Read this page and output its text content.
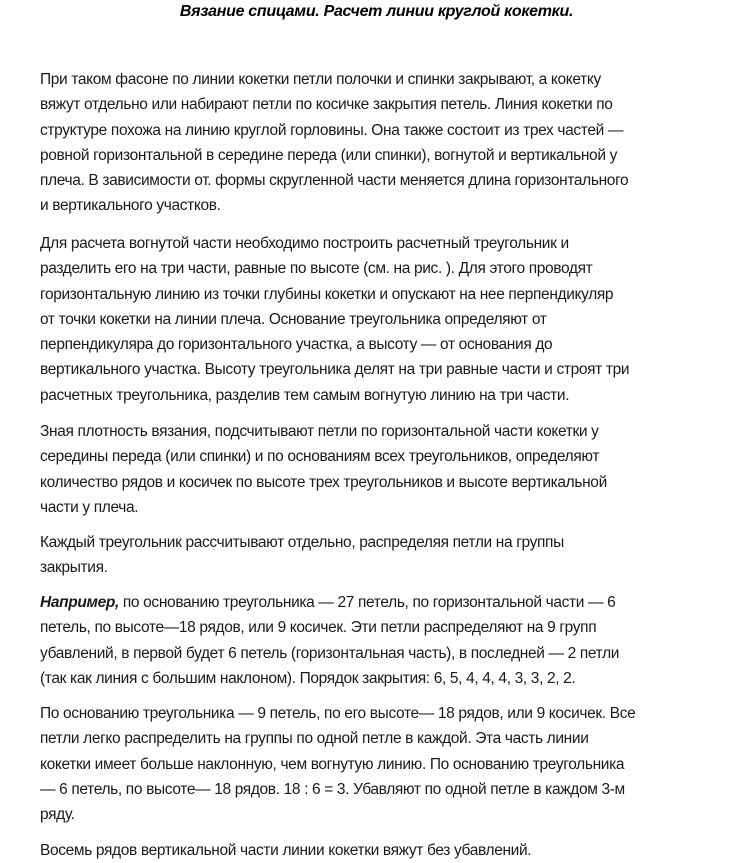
Вязание спицами. Расчет линии круглой кокетки.
При таком фасоне по линии кокетки петли полочки и спинки закрывают, а кокетку
вяжут отдельно или набирают петли по косичке закрытия петель. Линия кокетки по
структуре похожа на линию круглой горловины. Она также состоит из трех частей —
ровной горизонтальной в середине переда (или спинки), вогнутой и вертикальной у
плеча. В зависимости от. формы скругленной части меняется длина горизонтального
и вертикального участков.
Для расчета вогнутой части необходимо построить расчетный треугольник и
разделить его на три части, равные по высоте (см. на рис. ). Для этого проводят
горизонтальную линию из точки глубины кокетки и опускают на нее перпендикуляр
от точки кокетки на линии плеча. Основание треугольника определяют от
перпендикуляра до горизонтального участка, а высоту — от основания до
вертикального участка. Высоту треугольника делят на три равные части и строят три
расчетных треугольника, разделив тем самым вогнутую линию на три части.
Зная плотность вязания, подсчитывают петли по горизонтальной части кокетки у
середины переда (или спинки) и по основаниям всех треугольников, определяют
количество рядов и косичек по высоте трех треугольников и высоте вертикальной
части у плеча.
Каждый треугольник рассчитывают отдельно, распределяя петли на группы
закрытия.
Например, по основанию треугольника — 27 петель, по горизонтальной части — 6
петель, по высоте—18 рядов, или 9 косичек. Эти петли распределяют на 9 групп
убавлений, в первой будет 6 петель (горизонтальная часть), в последней — 2 петли
(так как линия с большим наклоном). Порядок закрытия: 6, 5, 4, 4, 4, 3, 3, 2, 2.
По основанию треугольника — 9 петель, по его высоте— 18 рядов, или 9 косичек. Все
петли легко распределить на группы по одной петле в каждой. Эта часть линии
кокетки имеет больше наклонную, чем вогнутую линию. По основанию треугольника
— 6 петель, по высоте— 18 рядов. 18 : 6 = 3. Убавляют по одной петле в каждом 3-м
ряду.
Восемь рядов вертикальной части линии кокетки вяжут без убавлений.
